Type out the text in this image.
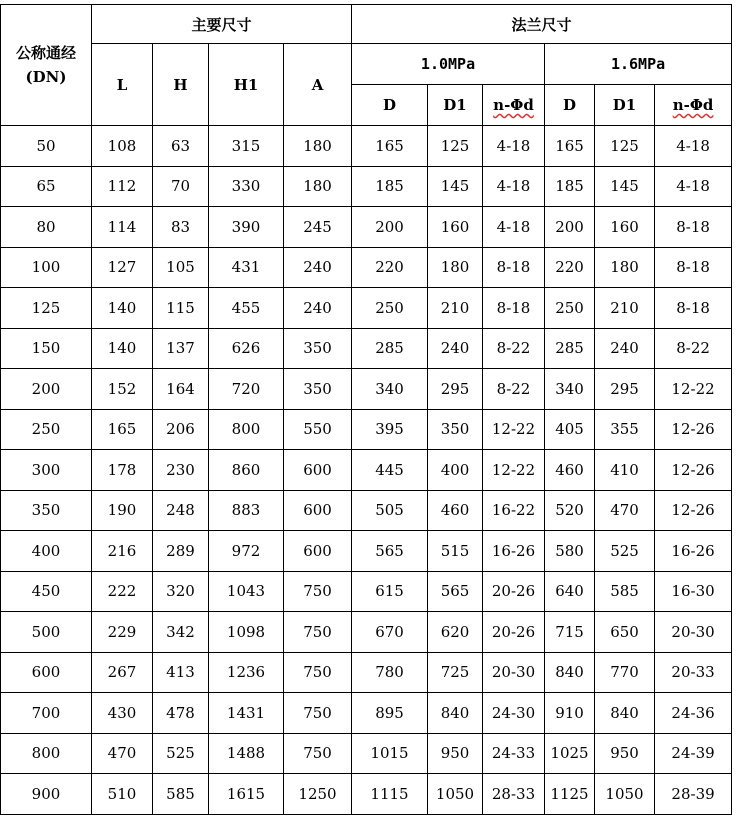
公称通经
(DN)	主要尺寸				法兰尺寸					
	L	H	H1	A	1.0MPa			1.6MPa		
					D	D1	n-Φd	D	D1	n-Φd
50	108	63	315	180	165	125	4-18	165	125	4-18
65	112	70	330	180	185	145	4-18	185	145	4-18
80	114	83	390	245	200	160	4-18	200	160	8-18
100	127	105	431	240	220	180	8-18	220	180	8-18
125	140	115	455	240	250	210	8-18	250	210	8-18
150	140	137	626	350	285	240	8-22	285	240	8-22
200	152	164	720	350	340	295	8-22	340	295	12-22
250	165	206	800	550	395	350	12-22	405	355	12-26
300	178	230	860	600	445	400	12-22	460	410	12-26
350	190	248	883	600	505	460	16-22	520	470	12-26
400	216	289	972	600	565	515	16-26	580	525	16-26
450	222	320	1043	750	615	565	20-26	640	585	16-30
500	229	342	1098	750	670	620	20-26	715	650	20-30
600	267	413	1236	750	780	725	20-30	840	770	20-33
700	430	478	1431	750	895	840	24-30	910	840	24-36
800	470	525	1488	750	1015	950	24-33	1025	950	24-39
900	510	585	1615	1250	1115	1050	28-33	1125	1050	28-39
